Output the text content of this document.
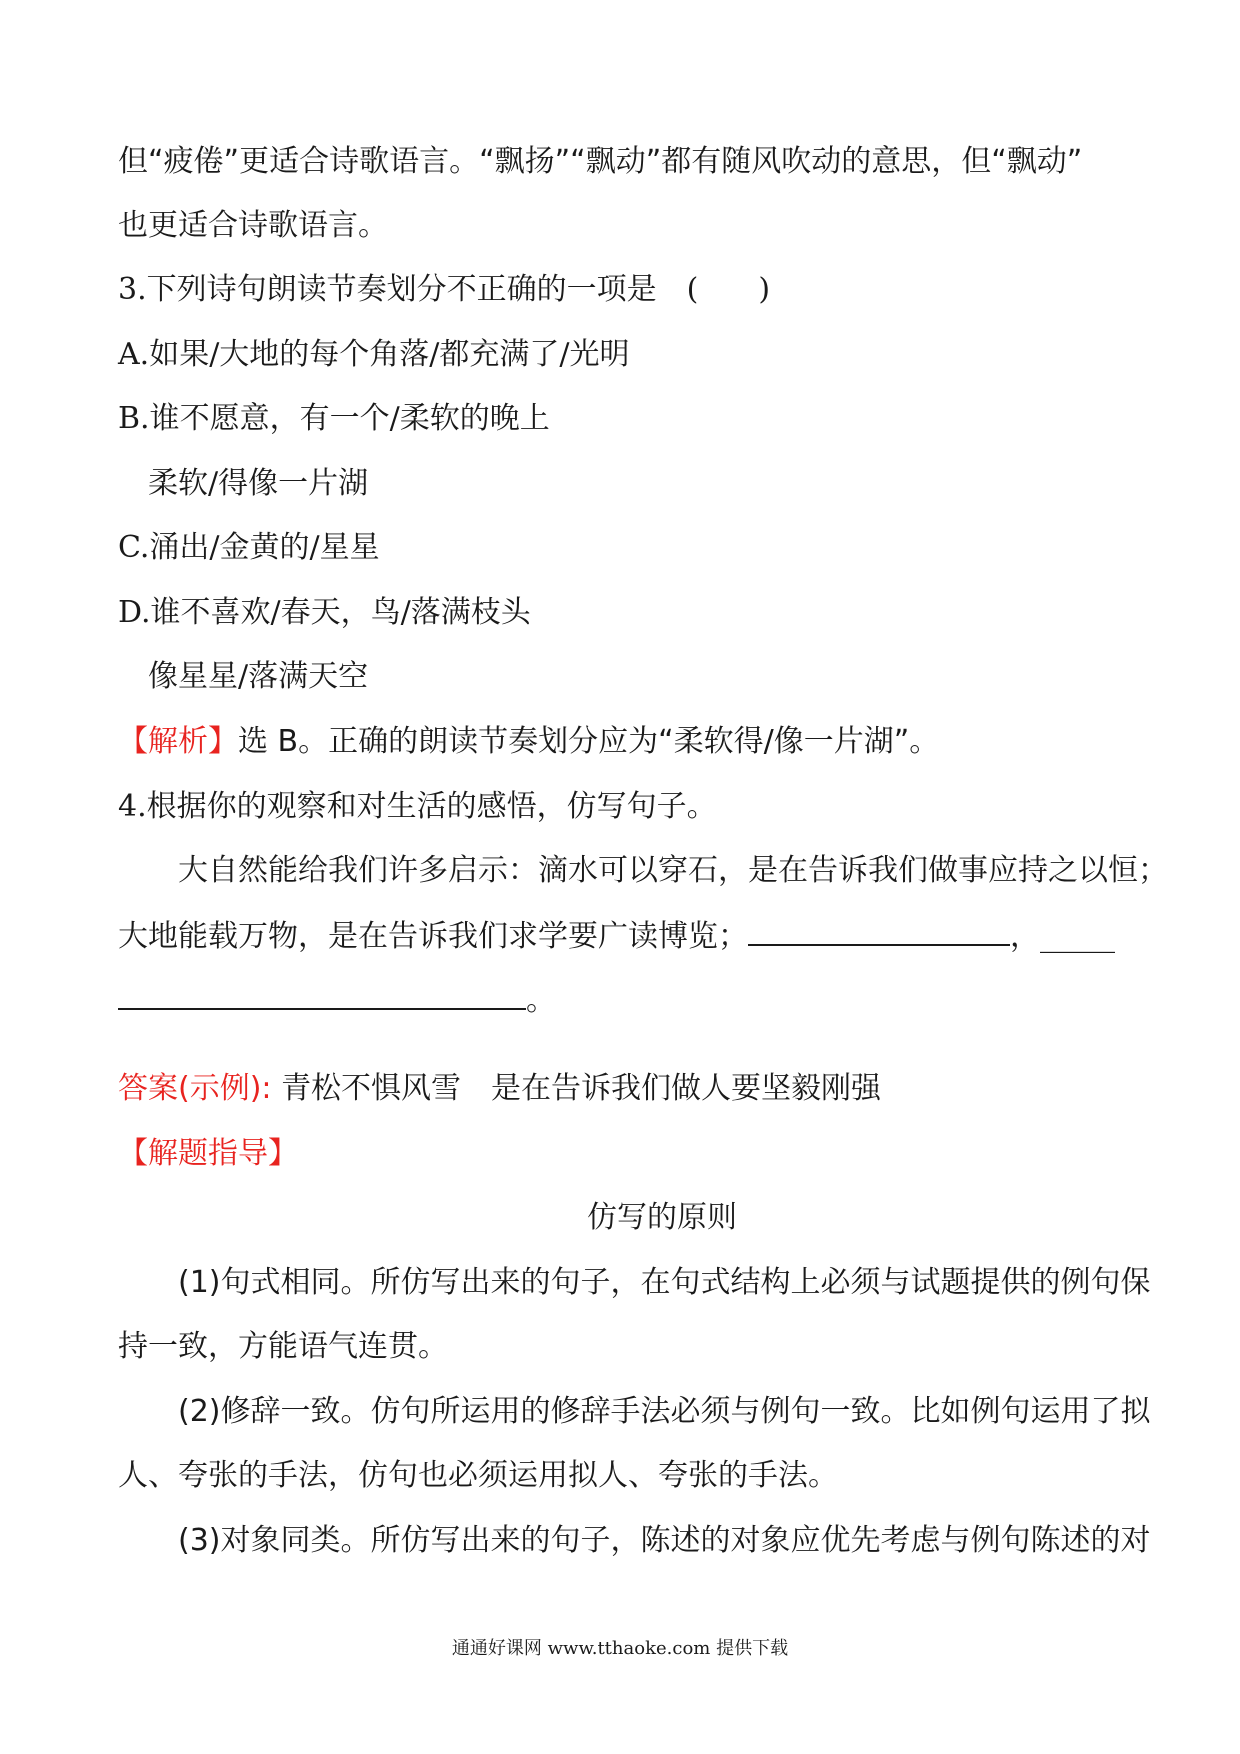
但“疲倦”更适合诗歌语言。“飘扬”“飘动”都有随风吹动的意思，但“飘动”
也更适合诗歌语言。
3.下列诗句朗读节奏划分不正确的一项是　(　　)
A.如果/大地的每个角落/都充满了/光明
B.谁不愿意，有一个/柔软的晚上
柔软/得像一片湖
C.涌出/金黄的/星星
D.谁不喜欢/春天，鸟/落满枝头
像星星/落满天空
【解析】选 B。正确的朗读节奏划分应为“柔软得/像一片湖”。
4.根据你的观察和对生活的感悟，仿写句子。
大自然能给我们许多启示：滴水可以穿石，是在告诉我们做事应持之以恒；
大地能载万物，是在告诉我们求学要广读博览；	，_____
。
答案(示例): 青松不惧风雪　是在告诉我们做人要坚毅刚强
【解题指导】
仿写的原则
(1)句式相同。所仿写出来的句子，在句式结构上必须与试题提供的例句保
持一致，方能语气连贯。
(2)修辞一致。仿句所运用的修辞手法必须与例句一致。比如例句运用了拟
人、夸张的手法，仿句也必须运用拟人、夸张的手法。
(3)对象同类。所仿写出来的句子，陈述的对象应优先考虑与例句陈述的对
通通好课网 www.tthaoke.com 提供下载
